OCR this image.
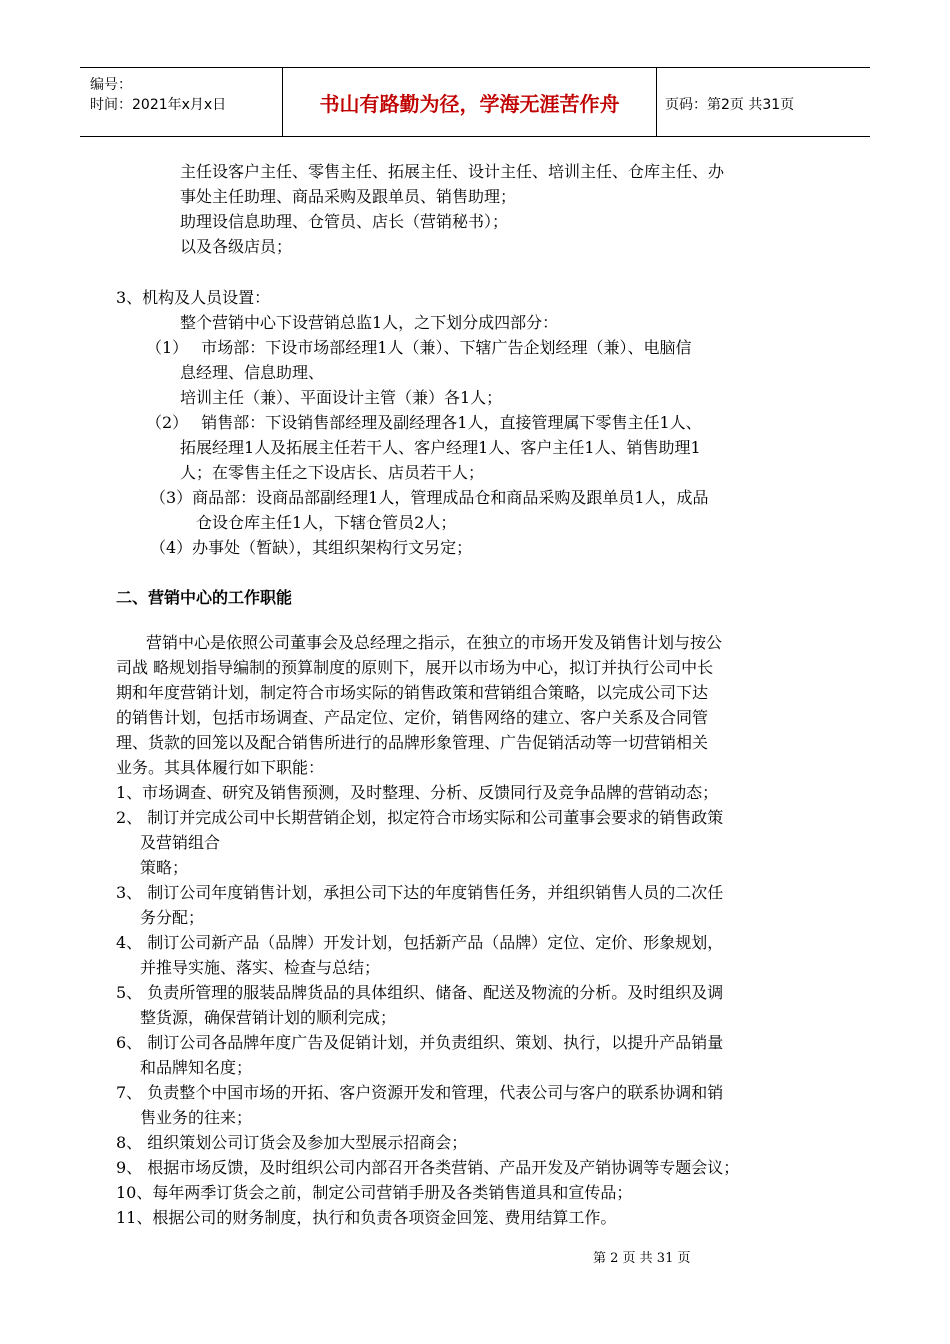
编号：
时间：2021年x月x日	书山有路勤为径，学海无涯苦作舟	页码：第2页 共31页
主任设客户主任、零售主任、拓展主任、设计主任、培训主任、仓库主任、办
事处主任助理、商品采购及跟单员、销售助理；
助理设信息助理、仓管员、店长（营销秘书）；
以及各级店员；
3、机构及人员设置：
整个营销中心下设营销总监1人，之下划分成四部分：
（1）　 市场部：下设市场部经理1人（兼）、下辖广告企划经理（兼）、电脑信
息经理、信息助理、
培训主任（兼）、平面设计主管（兼）各1人；
（2）　 销售部：下设销售部经理及副经理各1人，直接管理属下零售主任1人、
拓展经理1人及拓展主任若干人、客户经理1人、客户主任1人、销售助理1
人；在零售主任之下设店长、店员若干人；
（3）商品部：设商品部副经理1人，管理成品仓和商品采购及跟单员1人，成品
仓设仓库主任1人，下辖仓管员2人；
（4）办事处（暂缺），其组织架构行文另定；
二、营销中心的工作职能
营销中心是依照公司董事会及总经理之指示，在独立的市场开发及销售计划与按公
司战 略规划指导编制的预算制度的原则下，展开以市场为中心，拟订并执行公司中长
期和年度营销计划，制定符合市场实际的销售政策和营销组合策略，以完成公司下达
的销售计划，包括市场调查、产品定位、定价，销售网络的建立、客户关系及合同管
理、货款的回笼以及配合销售所进行的品牌形象管理、广告促销活动等一切营销相关
业务。其具体履行如下职能：
1、市场调查、研究及销售预测，及时整理、分析、反馈同行及竞争品牌的营销动态；
2、 制订并完成公司中长期营销企划，拟定符合市场实际和公司董事会要求的销售政策
及营销组合
策略；
3、 制订公司年度销售计划，承担公司下达的年度销售任务，并组织销售人员的二次任
务分配；
4、 制订公司新产品（品牌）开发计划，包括新产品（品牌）定位、定价、形象规划，
并推导实施、落实、检查与总结；
5、 负责所管理的服装品牌货品的具体组织、储备、配送及物流的分析。及时组织及调
整货源，确保营销计划的顺利完成；
6、 制订公司各品牌年度广告及促销计划，并负责组织、策划、执行，以提升产品销量
和品牌知名度；
7、 负责整个中国市场的开拓、客户资源开发和管理，代表公司与客户的联系协调和销
售业务的往来；
8、 组织策划公司订货会及参加大型展示招商会；
9、 根据市场反馈，及时组织公司内部召开各类营销、产品开发及产销协调等专题会议；
10、每年两季订货会之前，制定公司营销手册及各类销售道具和宣传品；
11、根据公司的财务制度，执行和负责各项资金回笼、费用结算工作。
第 2 页 共 31 页
